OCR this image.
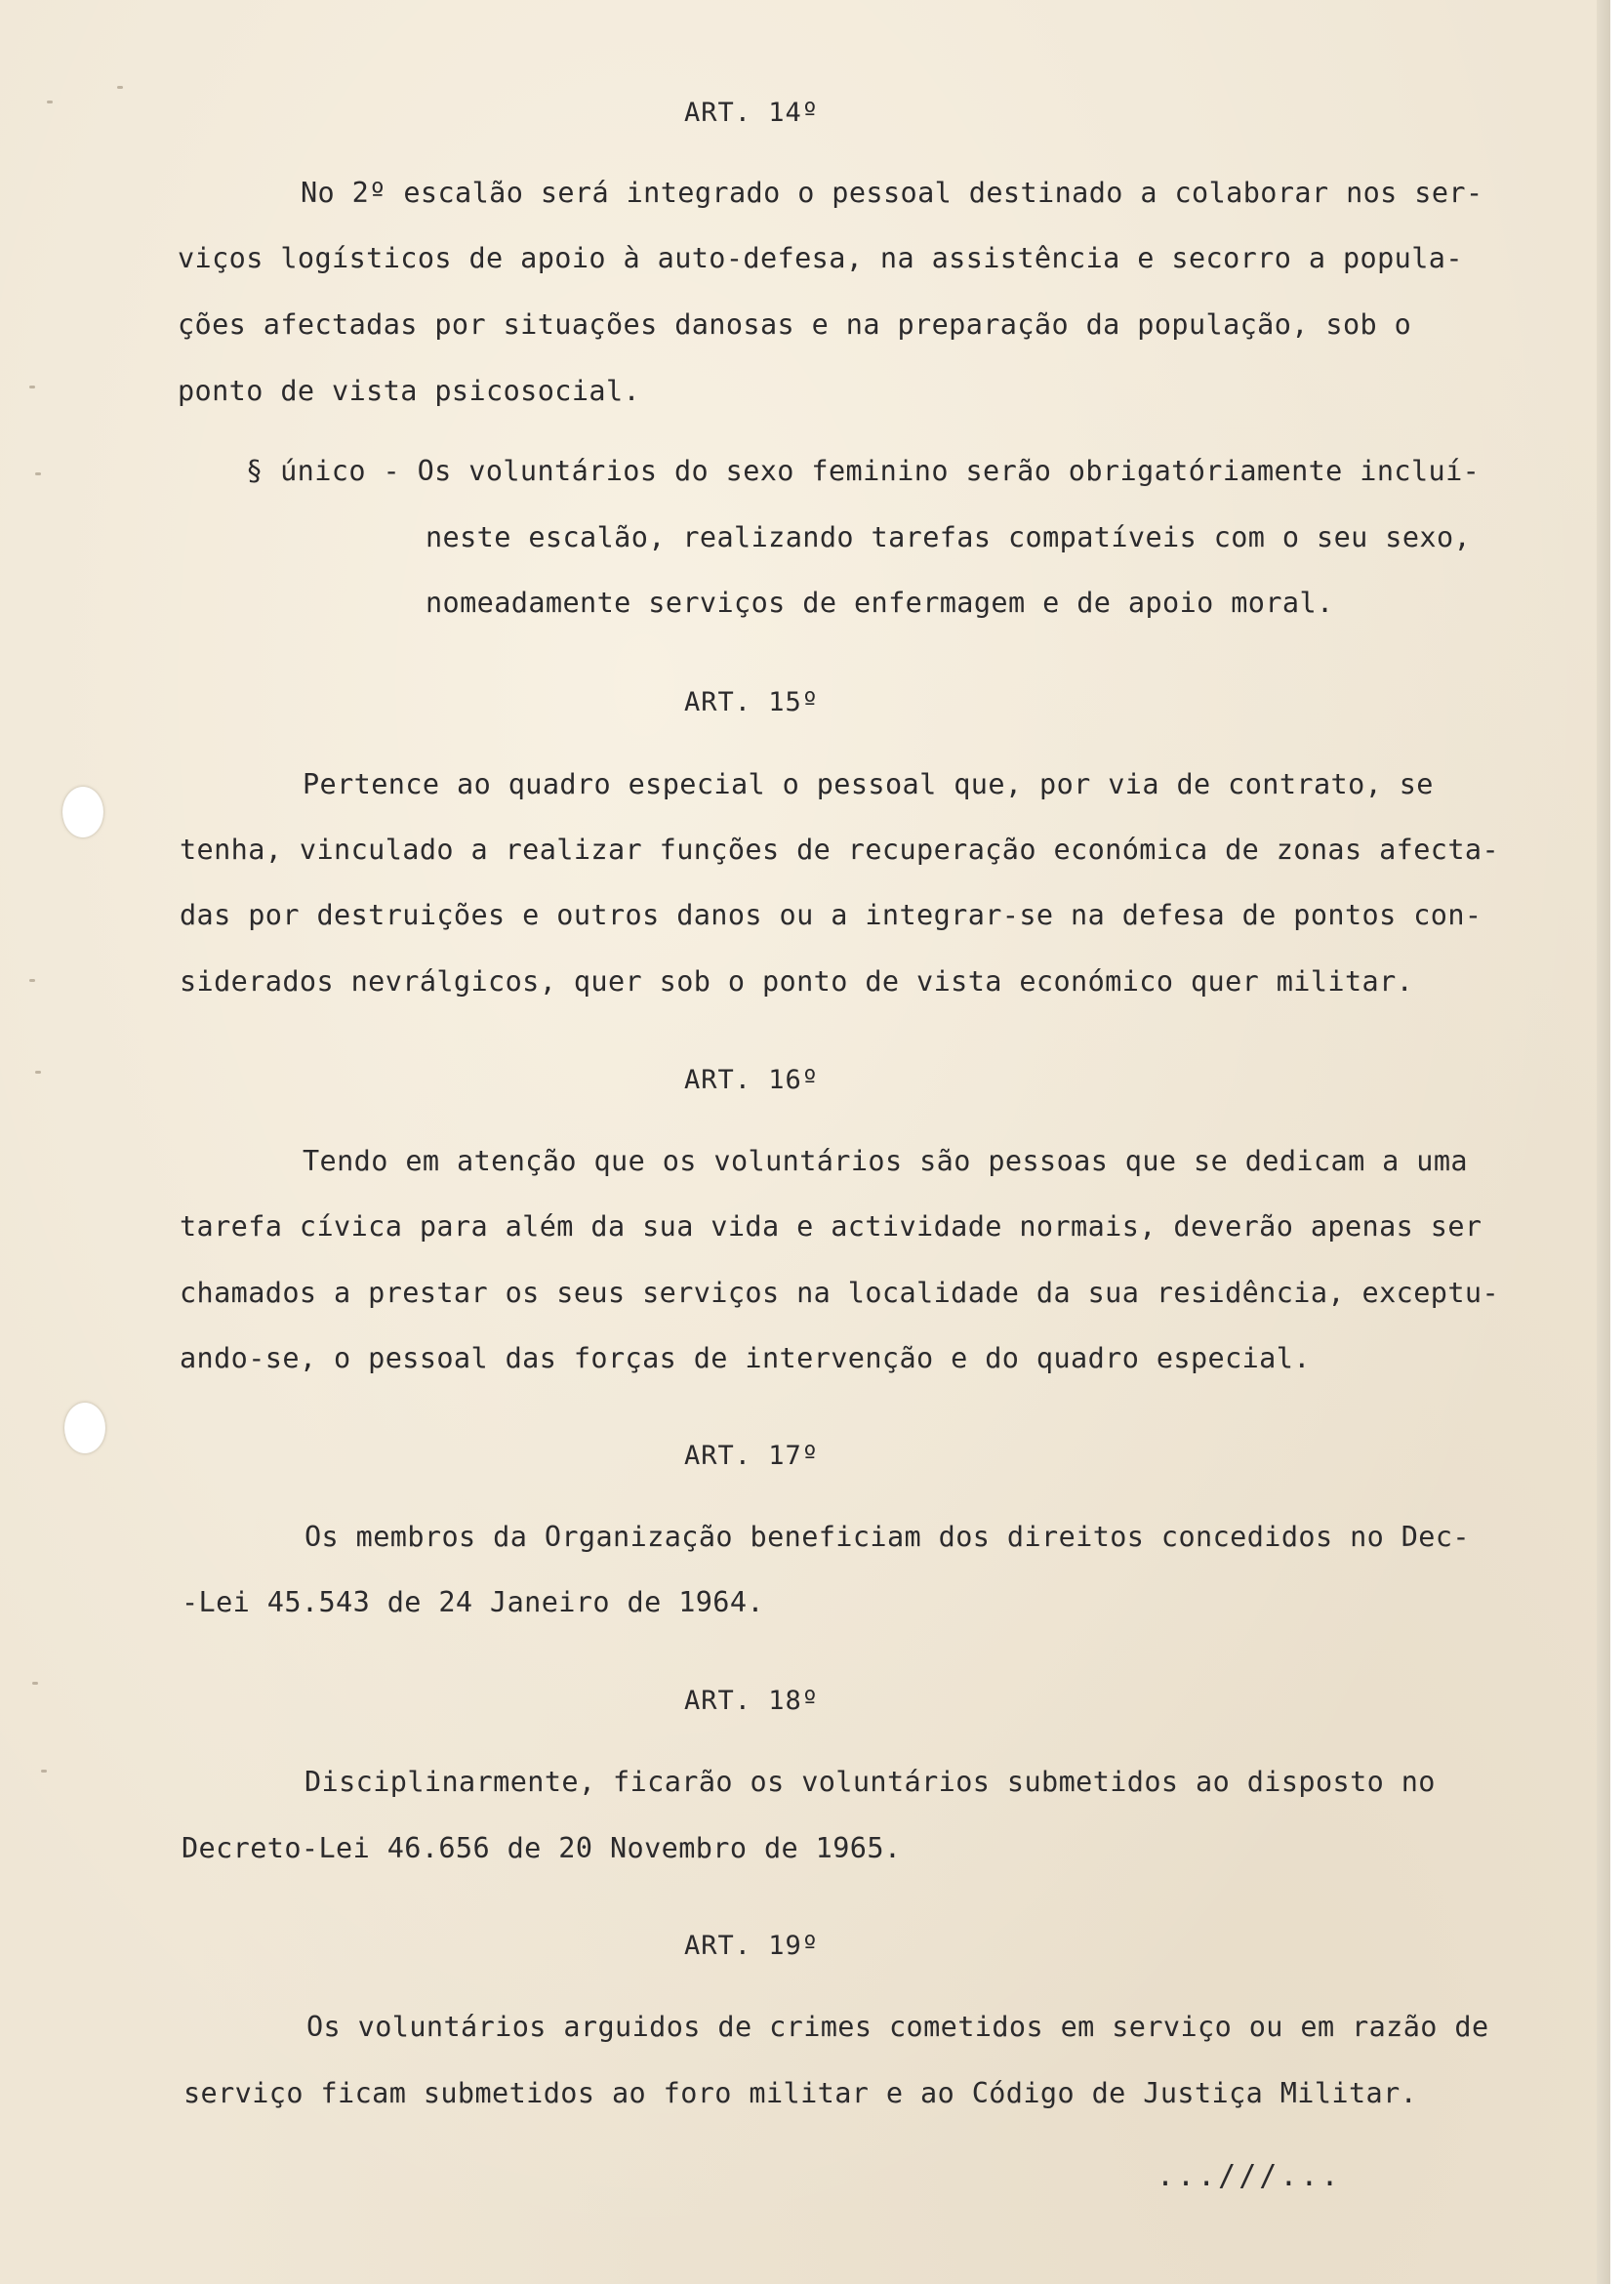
ART. 14º
No 2º escalão será integrado o pessoal destinado a colaborar nos ser-
viços logísticos de apoio à auto-defesa, na assistência e secorro a popula-
ções afectadas por situações danosas e na preparação da população, sob o
ponto de vista psicosocial.
§ único - Os voluntários do sexo feminino serão obrigatóriamente incluí-
neste escalão, realizando tarefas compatíveis com o seu sexo,
nomeadamente serviços de enfermagem e de apoio moral.
ART. 15º
Pertence ao quadro especial o pessoal que, por via de contrato, se
tenha, vinculado a realizar funções de recuperação económica de zonas afecta-
das por destruições e outros danos ou a integrar-se na defesa de pontos con-
siderados nevrálgicos, quer sob o ponto de vista económico quer militar.
ART. 16º
Tendo em atenção que os voluntários são pessoas que se dedicam a uma
tarefa cívica para além da sua vida e actividade normais, deverão apenas ser
chamados a prestar os seus serviços na localidade da sua residência, exceptu-
ando-se, o pessoal das forças de intervenção e do quadro especial.
ART. 17º
Os membros da Organização beneficiam dos direitos concedidos no Dec-
-Lei 45.543 de 24 Janeiro de 1964.
ART. 18º
Disciplinarmente, ficarão os voluntários submetidos ao disposto no
Decreto-Lei 46.656 de 20 Novembro de 1965.
ART. 19º
Os voluntários arguidos de crimes cometidos em serviço ou em razão de
serviço ficam submetidos ao foro militar e ao Código de Justiça Militar.
...///...
